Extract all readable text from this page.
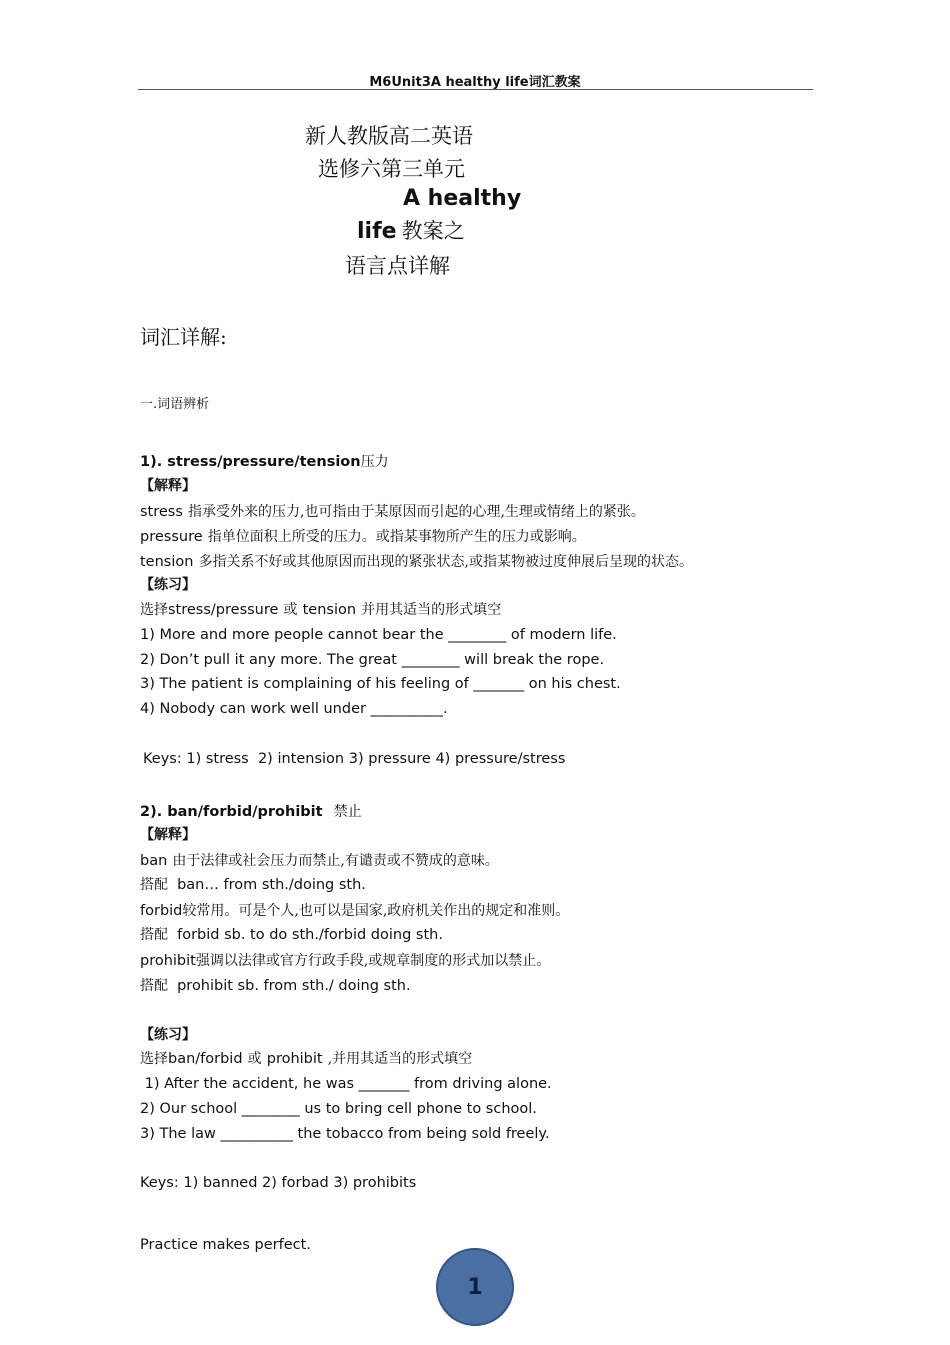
M6Unit3A healthy life词汇教案
新人教版高二英语
选修六第三单元
A healthy
life 教案之
语言点详解
词汇详解:
一.词语辨析
1). stress/pressure/tension压力
【解释】
stress 指承受外来的压力,也可指由于某原因而引起的心理,生理或情绪上的紧张。
pressure 指单位面积上所受的压力。或指某事物所产生的压力或影响。
tension 多指关系不好或其他原因而出现的紧张状态,或指某物被过度伸展后呈现的状态。
【练习】
选择stress/pressure 或 tension 并用其适当的形式填空
1) More and more people cannot bear the ________ of modern life.
2) Don’t pull it any more. The great ________ will break the rope.
3) The patient is complaining of his feeling of _______ on his chest.
4) Nobody can work well under __________.
Keys: 1) stress  2) intension 3) pressure 4) pressure/stress
2). ban/forbid/prohibit 禁止
【解释】
ban 由于法律或社会压力而禁止,有谴责或不赞成的意味。
搭配 ban… from sth./doing sth.
forbid较常用。可是个人,也可以是国家,政府机关作出的规定和准则。
搭配 forbid sb. to do sth./forbid doing sth.
prohibit强调以法律或官方行政手段,或规章制度的形式加以禁止。
搭配 prohibit sb. from sth./ doing sth.
【练习】
选择ban/forbid 或 prohibit ,并用其适当的形式填空
1) After the accident, he was _______ from driving alone.
2) Our school ________ us to bring cell phone to school.
3) The law __________ the tobacco from being sold freely.
Keys: 1) banned 2) forbad 3) prohibits
Practice makes perfect.
1
